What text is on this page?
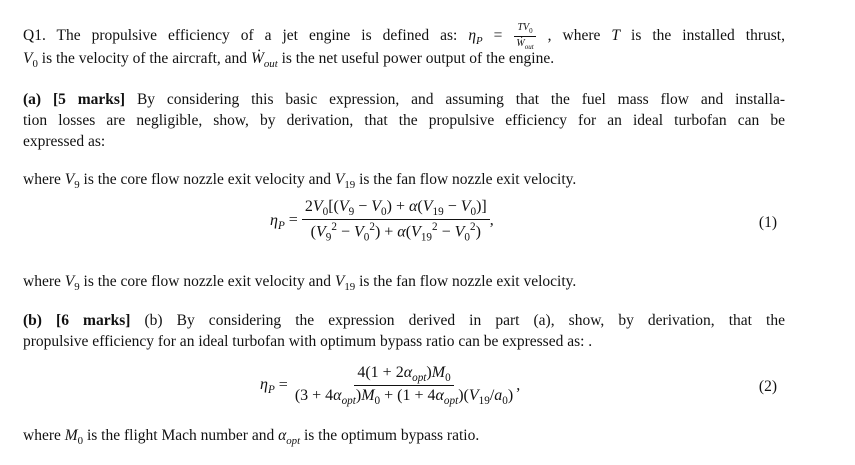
Q1. The propulsive efficiency of a jet engine is defined as: $\eta_P = \frac{TV_0}{Ẇ_{out}}$ , where T is the installed thrust,
$V_0$ is the velocity of the aircraft, and Ẇ$_{out}$ is the net useful power output of the engine.
(a) [5 marks] By considering this basic expression, and assuming that the fuel mass flow and installa-
tion losses are negligible, show, by derivation, that the propulsive efficiency for an ideal turbofan can be
expressed as:
where $V_9$ is the core flow nozzle exit velocity and $V_{19}$ is the fan flow nozzle exit velocity.
$\eta_P = \frac{2V_0[(V_9 - V_0) + \alpha(V_{19} - V_0)]}{(V_9^2 - V_0^2) + \alpha(V_{19}^2 - V_0^2)}$ ,	(1)
where $V_9$ is the core flow nozzle exit velocity and $V_{19}$ is the fan flow nozzle exit velocity.
(b) [6 marks] (b) By considering the expression derived in part (a), show, by derivation, that the
propulsive efficiency for an ideal turbofan with optimum bypass ratio can be expressed as: .
$\eta_P = \frac{4(1 + 2\alpha_{opt})M_0}{(3 + 4\alpha_{opt})M_0 + (1 + 4\alpha_{opt})(V_{19}/a_0)}$ ,	(2)
where $M_0$ is the flight Mach number and $\alpha_{opt}$ is the optimum bypass ratio.
